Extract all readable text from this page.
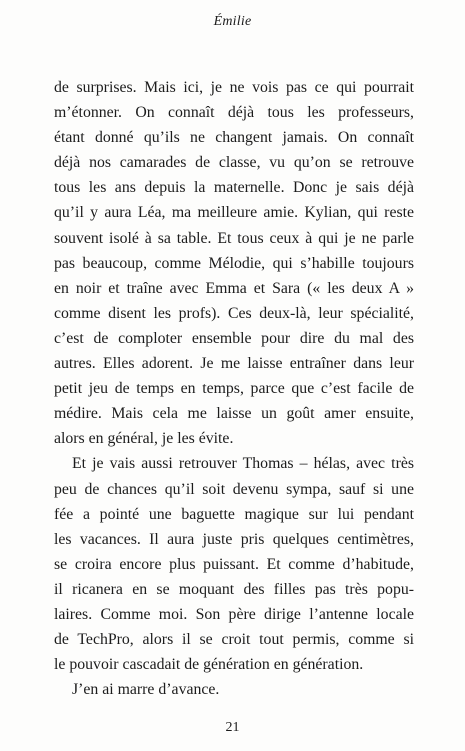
Émilie
de surprises. Mais ici, je ne vois pas ce qui pourrait
m’étonner. On connaît déjà tous les professeurs,
étant donné qu’ils ne changent jamais. On connaît
déjà nos camarades de classe, vu qu’on se retrouve
tous les ans depuis la maternelle. Donc je sais déjà
qu’il y aura Léa, ma meilleure amie. Kylian, qui reste
souvent isolé à sa table. Et tous ceux à qui je ne parle
pas beaucoup, comme Mélodie, qui s’habille toujours
en noir et traîne avec Emma et Sara (« les deux A »
comme disent les profs). Ces deux-là, leur spécialité,
c’est de comploter ensemble pour dire du mal des
autres. Elles adorent. Je me laisse entraîner dans leur
petit jeu de temps en temps, parce que c’est facile de
médire. Mais cela me laisse un goût amer ensuite,
alors en général, je les évite.
Et je vais aussi retrouver Thomas – hélas, avec très
peu de chances qu’il soit devenu sympa, sauf si une
fée a pointé une baguette magique sur lui pendant
les vacances. Il aura juste pris quelques centimètres,
se croira encore plus puissant. Et comme d’habitude,
il ricanera en se moquant des filles pas très popu-
laires. Comme moi. Son père dirige l’antenne locale
de TechPro, alors il se croit tout permis, comme si
le pouvoir cascadait de génération en génération.
J’en ai marre d’avance.
21
